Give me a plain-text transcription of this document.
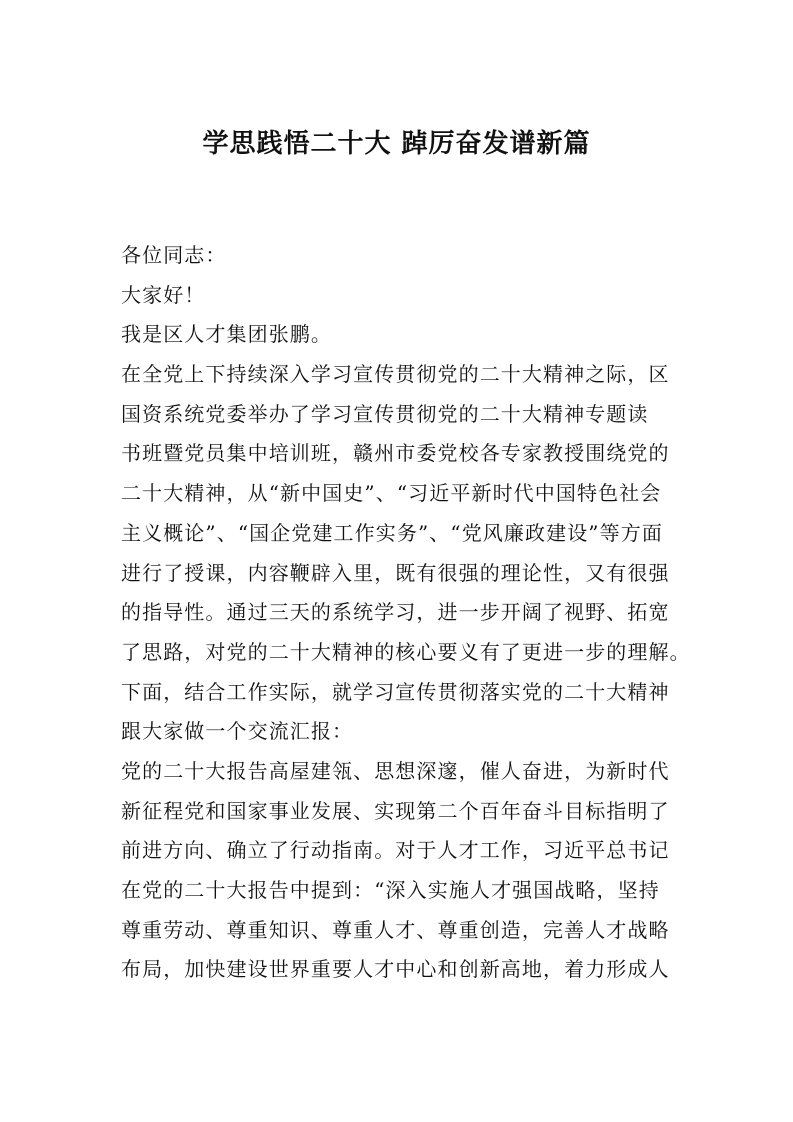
学思践悟二十大 踔厉奋发谱新篇
各位同志：
大家好！
我是区人才集团张鹏。
在全党上下持续深入学习宣传贯彻党的二十大精神之际，区
国资系统党委举办了学习宣传贯彻党的二十大精神专题读
书班暨党员集中培训班，赣州市委党校各专家教授围绕党的
二十大精神，从“新中国史”、“习近平新时代中国特色社会
主义概论”、“国企党建工作实务”、“党风廉政建设”等方面
进行了授课，内容鞭辟入里，既有很强的理论性，又有很强
的指导性。通过三天的系统学习，进一步开阔了视野、拓宽
了思路，对党的二十大精神的核心要义有了更进一步的理解。
下面，结合工作实际，就学习宣传贯彻落实党的二十大精神
跟大家做一个交流汇报：
党的二十大报告高屋建瓴、思想深邃，催人奋进，为新时代
新征程党和国家事业发展、实现第二个百年奋斗目标指明了
前进方向、确立了行动指南。对于人才工作，习近平总书记
在党的二十大报告中提到：“深入实施人才强国战略，坚持
尊重劳动、尊重知识、尊重人才、尊重创造，完善人才战略
布局，加快建设世界重要人才中心和创新高地，着力形成人
